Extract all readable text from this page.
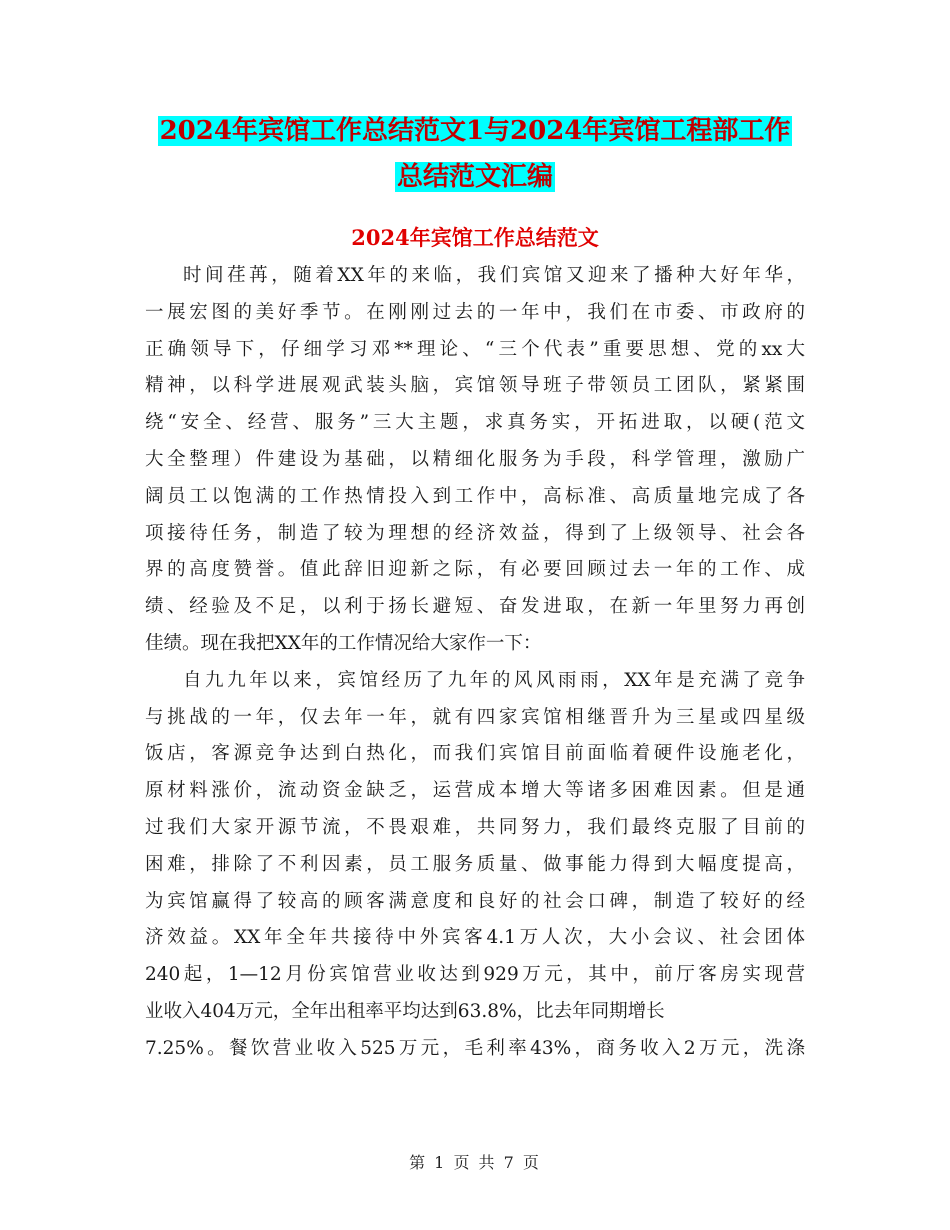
2024年宾馆工作总结范文1与2024年宾馆工程部工作
总结范文汇编
2024年宾馆工作总结范文
时间荏苒，随着XX年的来临，我们宾馆又迎来了播种大好年华，
一展宏图的美好季节。在刚刚过去的一年中，我们在市委、市政府的
正确领导下，仔细学习邓**理论、“三个代表”重要思想、党的xx大
精神，以科学进展观武装头脑，宾馆领导班子带领员工团队，紧紧围
绕“安全、经营、服务”三大主题，求真务实，开拓进取，以硬(范文
大全整理）件建设为基础，以精细化服务为手段，科学管理，激励广
阔员工以饱满的工作热情投入到工作中，高标准、高质量地完成了各
项接待任务，制造了较为理想的经济效益，得到了上级领导、社会各
界的高度赞誉。值此辞旧迎新之际，有必要回顾过去一年的工作、成
绩、经验及不足，以利于扬长避短、奋发进取，在新一年里努力再创
佳绩。现在我把XX年的工作情况给大家作一下：
自九九年以来，宾馆经历了九年的风风雨雨，XX年是充满了竞争
与挑战的一年，仅去年一年，就有四家宾馆相继晋升为三星或四星级
饭店，客源竞争达到白热化，而我们宾馆目前面临着硬件设施老化，
原材料涨价，流动资金缺乏，运营成本增大等诸多困难因素。但是通
过我们大家开源节流，不畏艰难，共同努力，我们最终克服了目前的
困难，排除了不利因素，员工服务质量、做事能力得到大幅度提高，
为宾馆赢得了较高的顾客满意度和良好的社会口碑，制造了较好的经
济效益。XX年全年共接待中外宾客4.1万人次，大小会议、社会团体
240起，1—12月份宾馆营业收达到929万元，其中，前厅客房实现营
业收入404万元，全年出租率平均达到63.8%，比去年同期增长
7.25%。餐饮营业收入525万元，毛利率43%，商务收入2万元，洗涤
第 1 页 共 7 页
